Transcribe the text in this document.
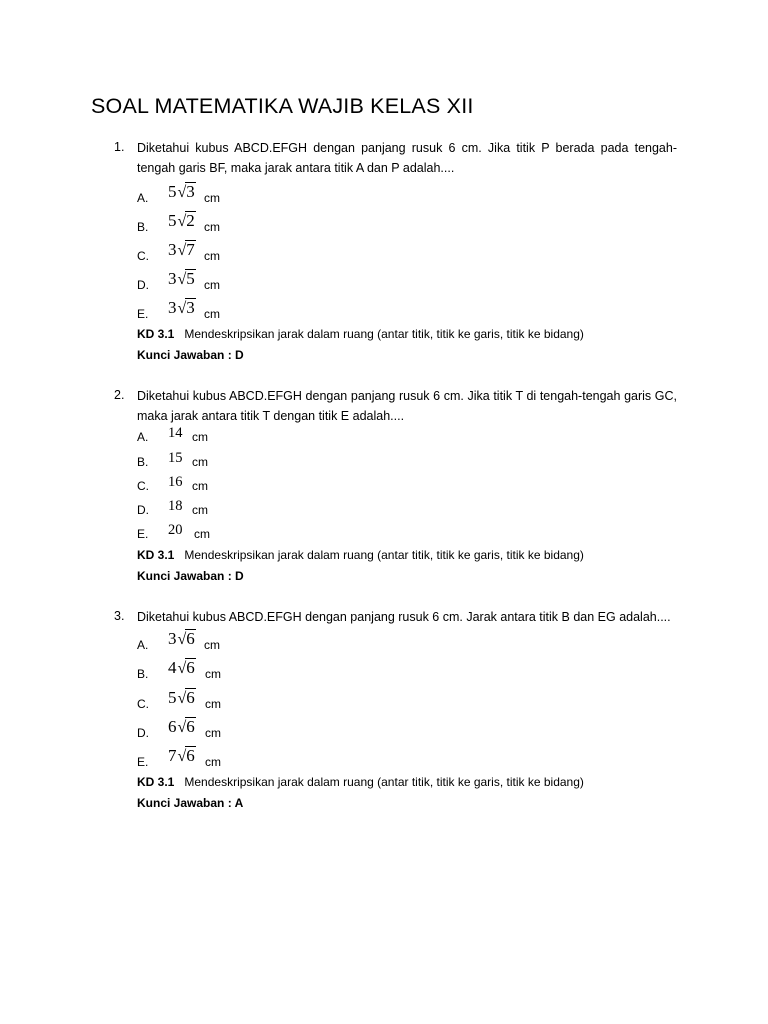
SOAL MATEMATIKA WAJIB KELAS XII
1. Diketahui kubus ABCD.EFGH dengan panjang rusuk 6 cm. Jika titik P berada pada tengah-tengah garis BF, maka jarak antara titik A dan P adalah....
A. 5√3 cm
B. 5√2 cm
C. 3√7 cm
D. 3√5 cm
E. 3√3 cm
KD 3.1 Mendeskripsikan jarak dalam ruang (antar titik, titik ke garis, titik ke bidang)
Kunci Jawaban : D
2. Diketahui kubus ABCD.EFGH dengan panjang rusuk 6 cm. Jika titik T di tengah-tengah garis GC, maka jarak antara titik T dengan titik E adalah....
A. 14 cm
B. 15 cm
C. 16 cm
D. 18 cm
E. 20 cm
KD 3.1 Mendeskripsikan jarak dalam ruang (antar titik, titik ke garis, titik ke bidang)
Kunci Jawaban : D
3. Diketahui kubus ABCD.EFGH dengan panjang rusuk 6 cm. Jarak antara titik B dan EG adalah....
A. 3√6 cm
B. 4√6 cm
C. 5√6 cm
D. 6√6 cm
E. 7√6 cm
KD 3.1 Mendeskripsikan jarak dalam ruang (antar titik, titik ke garis, titik ke bidang)
Kunci Jawaban : A
